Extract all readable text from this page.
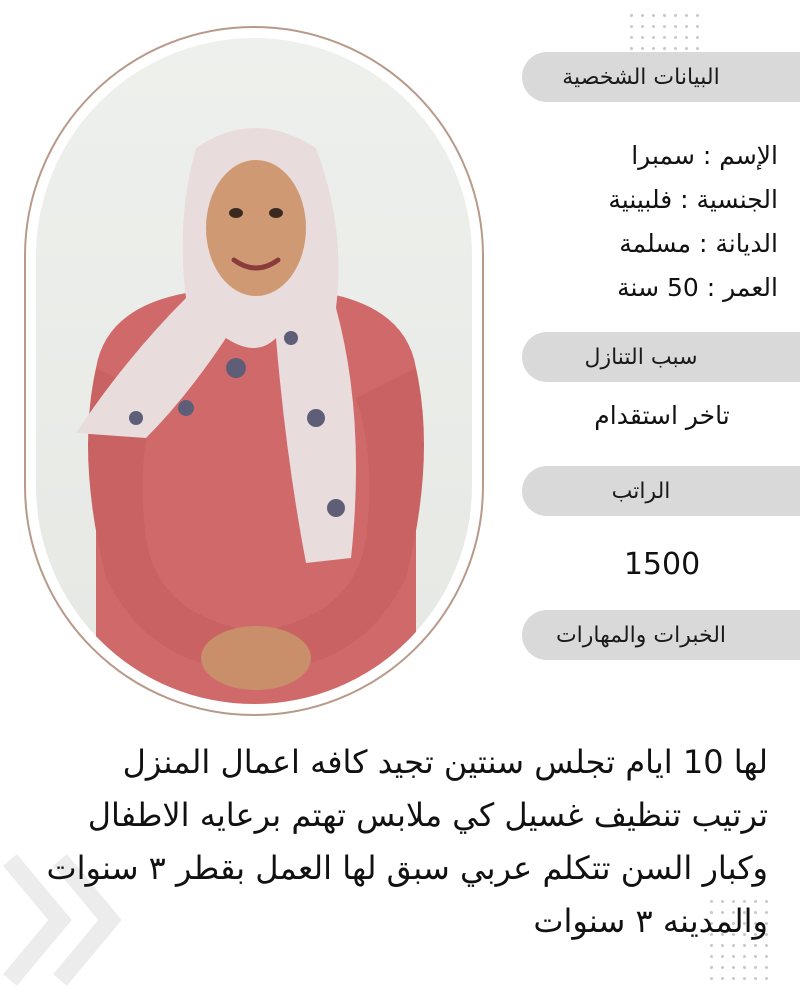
البيانات الشخصية
الإسم : سمبرا
الجنسية : فلبينية
الديانة : مسلمة
العمر : 50 سنة
سبب التنازل
تاخر استقدام
الراتب
1500
الخبرات والمهارات
لها 10 ايام تجلس سنتين تجيد كافه اعمال المنزل ترتيب تنظيف غسيل كي ملابس تهتم برعايه الاطفال وكبار السن تتكلم عربي سبق لها العمل بقطر ٣ سنوات والمدينه ٣ سنوات
